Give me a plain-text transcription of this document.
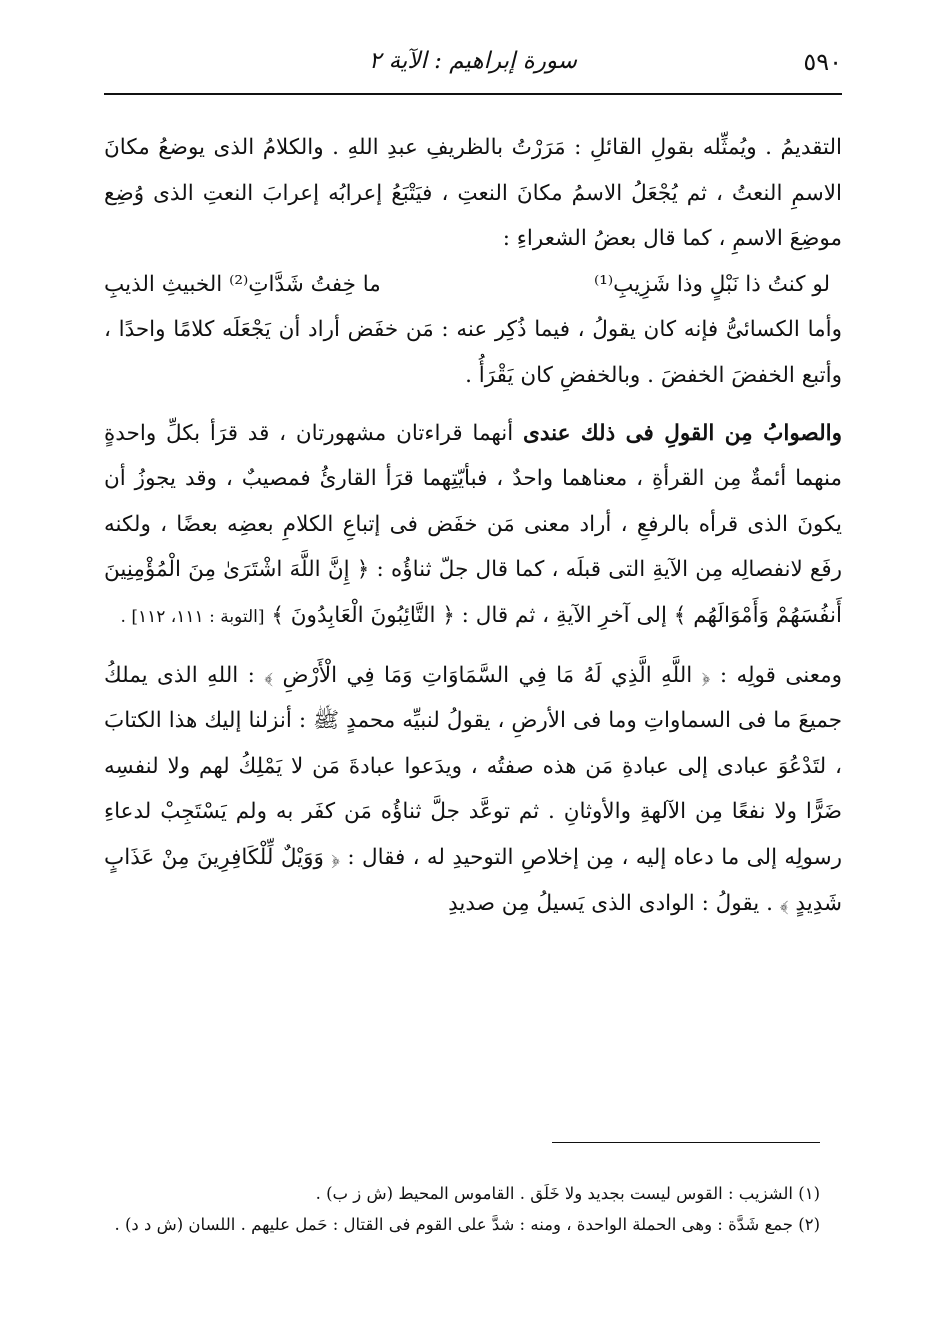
٥٩٠
سورة إبراهيم : الآية ٢

التقديمُ . ويُمثِّله بقولِ القائلِ : مَرَرْتُ بالظريفِ عبدِ اللهِ . والكلامُ الذى يوضعُ مكانَ الاسمِ النعتُ ، ثم يُجْعَلُ الاسمُ مكانَ النعتِ ، فيَتْبَعُ إعرابُه إعرابَ النعتِ الذى وُضِع موضِعَ الاسمِ ، كما قال بعضُ الشعراءِ :

لو كنتُ ذا نَبْلٍ وذا شَزِيبِ⁽¹⁾
ما خِفتُ شَدَّاتِ⁽²⁾ الخبيثِ الذيبِ

وأما الكسائىُّ فإنه كان يقولُ ، فيما ذُكِر عنه : مَن خفَض أراد أن يَجْعَلَه كلامًا واحدًا ، وأتبع الخفضَ الخفضَ . وبالخفضِ كان يَقْرَأُ .

والصوابُ مِن القولِ فى ذلك عندى أنهما قراءتان مشهورتان ، قد قرَأ بكلِّ واحدةٍ منهما أئمةٌ مِن القرأةِ ، معناهما واحدٌ ، فبأيّتِهما قرَأ القارئُ فمصيبٌ ، وقد يجوزُ أن يكونَ الذى قرأه بالرفعِ ، أراد معنى مَن خفَض فى إتباعِ الكلامِ بعضِه بعضًا ، ولكنه رفَع لانفصالِه مِن الآيةِ التى قبلَه ، كما قال جلّ ثناؤُه : ﴿ إِنَّ اللَّهَ اشْتَرَىٰ مِنَ الْمُؤْمِنِينَ أَنفُسَهُمْ وَأَمْوَالَهُم ﴾ إلى آخرِ الآيةِ ، ثم قال : ﴿ التَّائِبُونَ الْعَابِدُونَ ﴾ [التوبة : ١١١، ١١٢] .

ومعنى قولِه : ﴿ اللَّهِ الَّذِي لَهُ مَا فِي السَّمَاوَاتِ وَمَا فِي الْأَرْضِ ﴾ : اللهِ الذى يملكُ جميعَ ما فى السماواتِ وما فى الأرضِ ، يقولُ لنبيِّه محمدٍ ﷺ : أنزلنا إليك هذا الكتابَ ، لتَدْعُوَ عبادى إلى عبادةِ مَن هذه صفتُه ، ويدَعوا عبادةَ مَن لا يَمْلِكُ لهم ولا لنفسِه ضَرًّا ولا نفعًا مِن الآلهةِ والأوثانِ . ثم توعَّد جلَّ ثناؤُه مَن كفَر به ولم يَسْتَجِبْ لدعاءِ رسولِه إلى ما دعاه إليه ، مِن إخلاصِ التوحيدِ له ، فقال : ﴿ وَوَيْلٌ لِّلْكَافِرِينَ مِنْ عَذَابٍ شَدِيدٍ ﴾ . يقولُ : الوادى الذى يَسيلُ مِن صديدِ

(١) الشزيب : القوس ليست بجديد ولا خَلَق . القاموس المحيط (ش ز ب) .

(٢) جمع شَدَّة : وهى الحملة الواحدة ، ومنه : شدَّ على القوم فى القتال : حَمل عليهم . اللسان (ش د د) .
